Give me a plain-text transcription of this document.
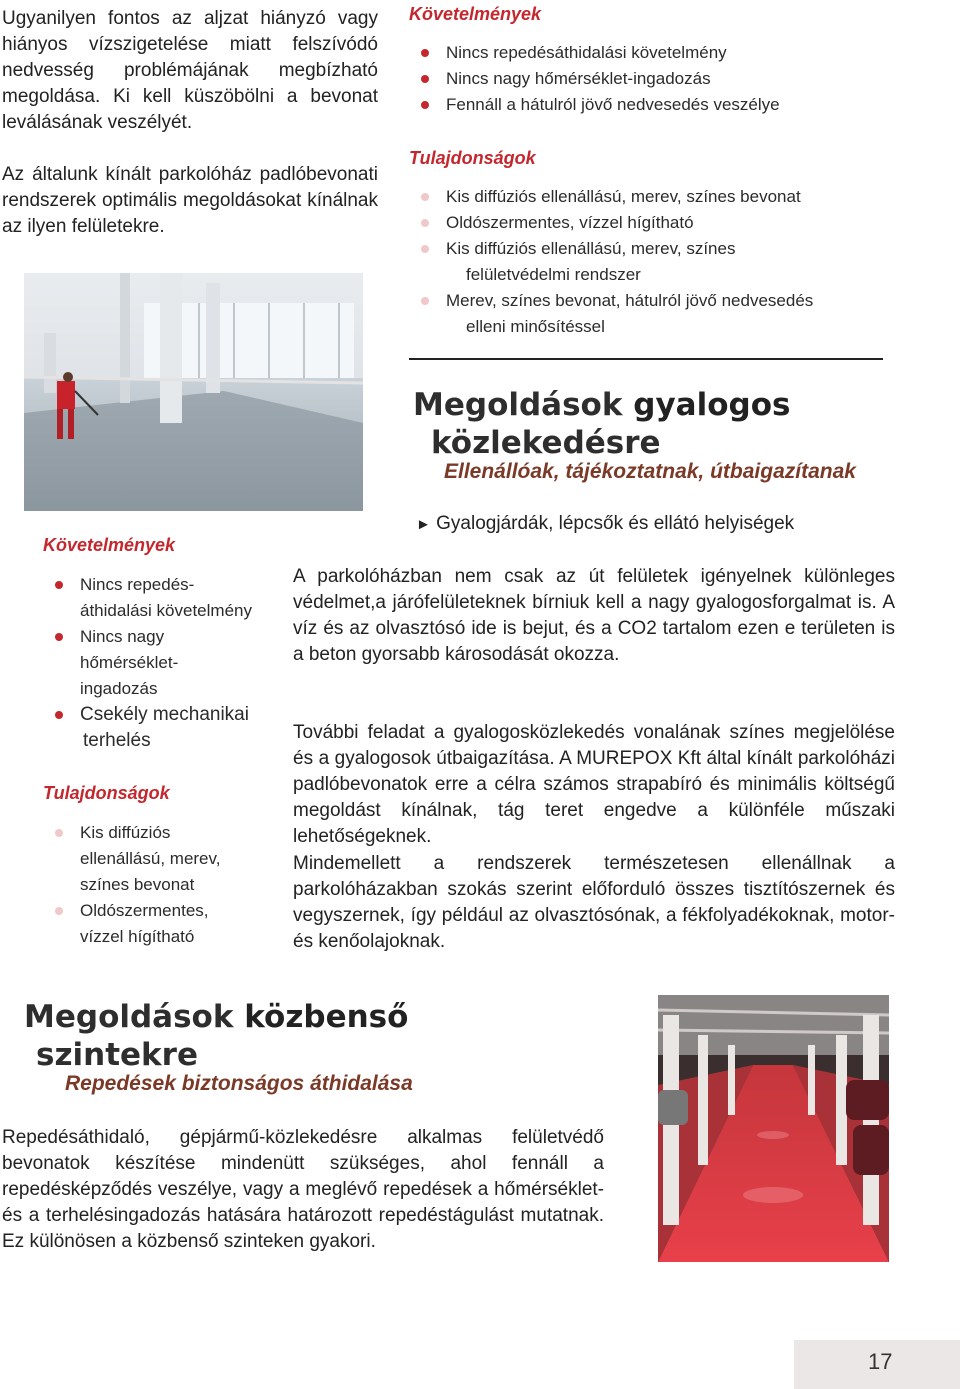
Ugyanilyen fontos az aljzat hiányzó vagy hiányos vízszigetelése miatt felszívódó nedvesség problémájának megbízható megoldása. Ki kell küszöbölni a bevonat leválásának veszélyét.
Az általunk kínált parkolóház padlóbevonati rendszerek optimális megoldásokat kínálnak az ilyen felületekre.
Követelmények
Nincs repedésáthidalási követelmény
Nincs nagy hőmérséklet-ingadozás
Fennáll a hátulról jövő nedvesedés veszélye
Tulajdonságok
Kis diffúziós ellenállású, merev, színes bevonat
Oldószermentes, vízzel hígítható
Kis diffúziós ellenállású, merev, színes
felületvédelmi rendszer
Merev, színes bevonat, hátulról jövő nedvesedés
elleni minősítéssel
Megoldások gyalogos
közlekedésre
Ellenállóak, tájékoztatnak, útbaigazítanak
► Gyalogjárdák, lépcsők és ellátó helyiségek
A parkolóházban nem csak az út felületek igényelnek különleges védelmet,a járófelületeknek bírniuk kell a nagy gyalogosforgalmat is. A víz és az olvasztósó ide is bejut, és a CO2 tartalom ezen e területen is a beton gyorsabb károsodását okozza.
További feladat a gyalogosközlekedés vonalának színes megjelölése és a gyalogosok útbaigazítása. A MUREPOX Kft által kínált parkolóházi padlóbevonatok erre a célra számos strapabíró és minimális költségű megoldást kínálnak, tág teret engedve a különféle műszaki lehetőségeknek.
Mindemellett a rendszerek természetesen ellenállnak a parkolóházakban szokás szerint előforduló összes tisztítószernek és vegyszernek, így például az olvasztósónak, a fékfolyadékoknak, motor- és kenőolajoknak.
Követelmények
Nincs repedés-
áthidalási követelmény
Nincs nagy
hőmérséklet-
ingadozás
Csekély mechanikai
terhelés
Tulajdonságok
Kis diffúziós
ellenállású, merev,
színes bevonat
Oldószermentes,
vízzel hígítható
Megoldások közbenső
szintekre
Repedések biztonságos áthidalása
Repedésáthidaló, gépjármű-közlekedésre alkalmas felületvédő bevonatok készítése mindenütt szükséges, ahol fennáll a repedésképződés veszélye, vagy a meglévő repedések a hőmérséklet- és a terhelésingadozás hatására határozott repedéstágulást mutatnak. Ez különösen a közbenső szinteken gyakori.
17
